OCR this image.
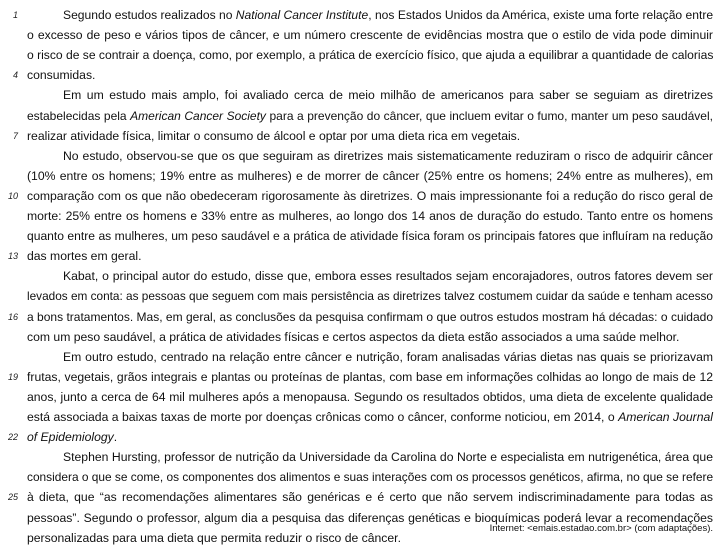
1	Segundo estudos realizados no National Cancer Institute, nos Estados Unidos da América, existe uma forte relação entre
o excesso de peso e vários tipos de câncer, e um número crescente de evidências mostra que o estilo de vida pode diminuir
o risco de se contrair a doença, como, por exemplo, a prática de exercício físico, que ajuda a equilibrar a quantidade de calorias
4 consumidas.
Em um estudo mais amplo, foi avaliado cerca de meio milhão de americanos para saber se seguiam as diretrizes
estabelecidas pela American Cancer Society para a prevenção do câncer, que incluem evitar o fumo, manter um peso saudável,
7 realizar atividade física, limitar o consumo de álcool e optar por uma dieta rica em vegetais.
No estudo, observou-se que os que seguiram as diretrizes mais sistematicamente reduziram o risco de adquirir câncer
(10% entre os homens; 19% entre as mulheres) e de morrer de câncer (25% entre os homens; 24% entre as mulheres), em
10 comparação com os que não obedeceram rigorosamente às diretrizes. O mais impressionante foi a redução do risco geral de
morte: 25% entre os homens e 33% entre as mulheres, ao longo dos 14 anos de duração do estudo. Tanto entre os homens
quanto entre as mulheres, um peso saudável e a prática de atividade física foram os principais fatores que influíram na redução
13 das mortes em geral.
Kabat, o principal autor do estudo, disse que, embora esses resultados sejam encorajadores, outros fatores devem ser
levados em conta: as pessoas que seguem com mais persistência as diretrizes talvez costumem cuidar da saúde e tenham acesso
16 a bons tratamentos. Mas, em geral, as conclusões da pesquisa confirmam o que outros estudos mostram há décadas: o cuidado
com um peso saudável, a prática de atividades físicas e certos aspectos da dieta estão associados a uma saúde melhor.
Em outro estudo, centrado na relação entre câncer e nutrição, foram analisadas várias dietas nas quais se priorizavam
19 frutas, vegetais, grãos integrais e plantas ou proteínas de plantas, com base em informações colhidas ao longo de mais de 12
anos, junto a cerca de 64 mil mulheres após a menopausa. Segundo os resultados obtidos, uma dieta de excelente qualidade
está associada a baixas taxas de morte por doenças crônicas como o câncer, conforme noticiou, em 2014, o American Journal
22 of Epidemiology.
Stephen Hursting, professor de nutrição da Universidade da Carolina do Norte e especialista em nutrigenética, área que
considera o que se come, os componentes dos alimentos e suas interações com os processos genéticos, afirma, no que se refere
25 à dieta, que “as recomendações alimentares são genéricas e é certo que não servem indiscriminadamente para todas as
pessoas”. Segundo o professor, algum dia a pesquisa das diferenças genéticas e bioquímicas poderá levar a recomendações
personalizadas para uma dieta que permita reduzir o risco de câncer.
Internet: <emais.estadao.com.br> (com adaptações).
